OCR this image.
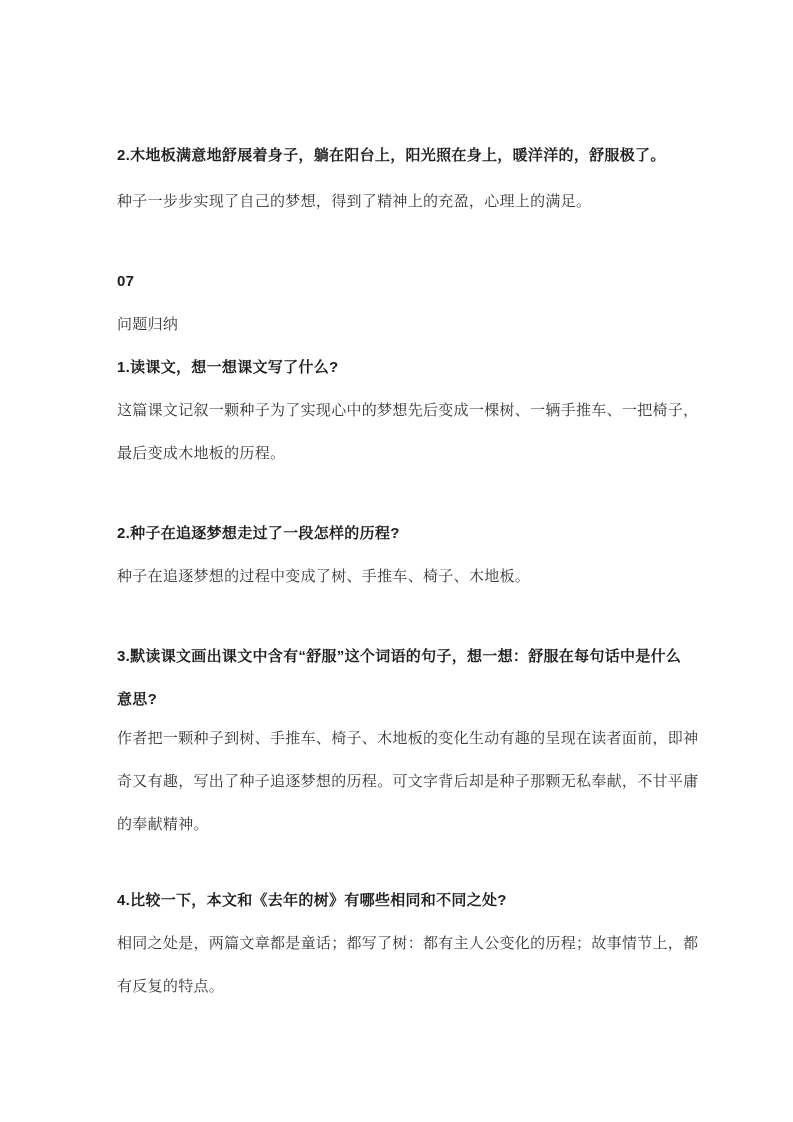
2.木地板满意地舒展着身子，躺在阳台上，阳光照在身上，暖洋洋的，舒服极了。
种子一步步实现了自己的梦想，得到了精神上的充盈，心理上的满足。
07
问题归纳
1.读课文，想一想课文写了什么?
这篇课文记叙一颗种子为了实现心中的梦想先后变成一棵树、一辆手推车、一把椅子，
最后变成木地板的历程。
2.种子在追逐梦想走过了一段怎样的历程?
种子在追逐梦想的过程中变成了树、手推车、椅子、木地板。
3.默读课文画出课文中含有“舒服”这个词语的句子，想一想：舒服在每句话中是什么
意思?
作者把一颗种子到树、手推车、椅子、木地板的变化生动有趣的呈现在读者面前，即神
奇又有趣，写出了种子追逐梦想的历程。可文字背后却是种子那颗无私奉献，不甘平庸
的奉献精神。
4.比较一下，本文和《去年的树》有哪些相同和不同之处?
相同之处是，两篇文章都是童话；都写了树：都有主人公变化的历程；故事情节上，都
有反复的特点。
